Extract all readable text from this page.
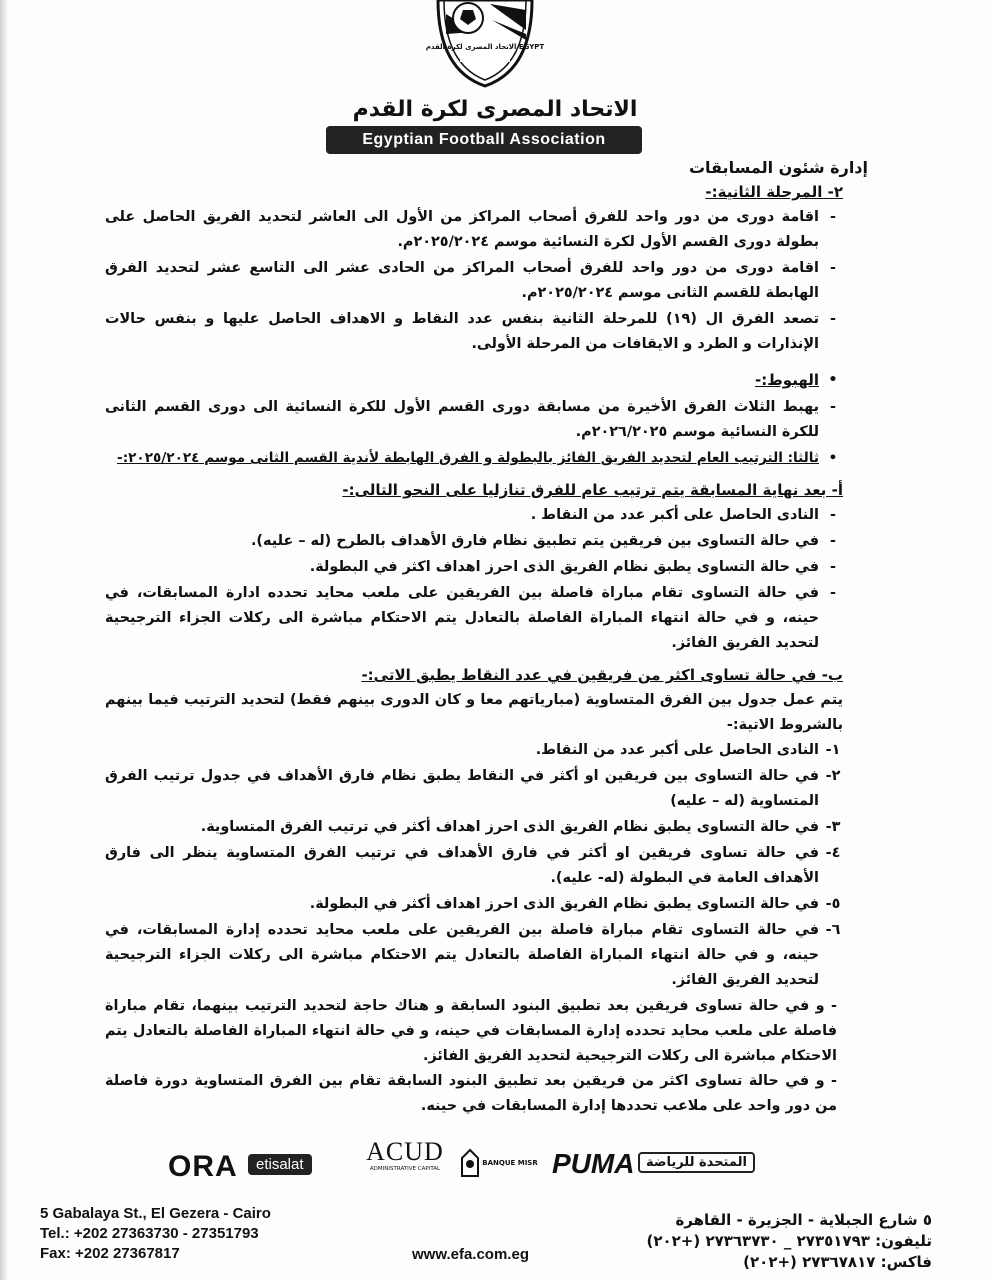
الاتحاد المصرى لكرة القدم EGYPT
الاتحاد المصرى لكرة القدم
Egyptian Football Association
إدارة شئون المسابقات

٢- المرحلة الثانية:-

-
اقامة دورى من دور واحد للفرق أصحاب المراكز من الأول الى العاشر لتحديد الفريق الحاصل على بطولة دورى القسم الأول لكرة النسائية موسم ٢٠٢٥/٢٠٢٤م.
-
اقامة دورى من دور واحد للفرق أصحاب المراكز من الحادى عشر الى التاسع عشر لتحديد الفرق الهابطة للقسم الثانى موسم ٢٠٢٥/٢٠٢٤م.
-
تصعد الفرق ال (١٩) للمرحلة الثانية بنفس عدد النقاط و الاهداف الحاصل عليها و بنفس حالات الإنذارات و الطرد و الايقافات من المرحلة الأولى.
•
الهبوط:-
-
يهبط الثلاث الفرق الأخيرة من مسابقة دورى القسم الأول للكرة النسائية الى دورى القسم الثانى للكرة النسائية موسم ٢٠٢٦/٢٠٢٥م.
•
ثالثا: الترتيب العام لتحديد الفريق الفائز بالبطولة و الفرق الهابطة لأندية القسم الثانى موسم ٢٠٢٥/٢٠٢٤:-

أ- بعد نهاية المسابقة يتم ترتيب عام للفرق تنازليا على النحو التالى:-

-
النادى الحاصل على أكبر عدد من النقاط .
-
في حالة التساوى بين فريقين يتم تطبيق نظام فارق الأهداف بالطرح (له – عليه).
-
في حالة التساوى يطبق نظام الفريق الذى احرز اهداف اكثر في البطولة.
-
في حالة التساوى تقام مباراة فاصلة بين الفريقين على ملعب محايد تحدده ادارة المسابقات، في حينه، و في حالة انتهاء المباراة الفاصلة بالتعادل يتم الاحتكام مباشرة الى ركلات الجزاء الترجيحية لتحديد الفريق الفائز.

ب- في حالة تساوى اكثر من فريقين في عدد النقاط يطبق الاتى:-

يتم عمل جدول بين الفرق المتساوية (مبارياتهم معا و كان الدورى بينهم فقط) لتحديد الترتيب فيما بينهم بالشروط الاتية:-

١-
النادى الحاصل على أكبر عدد من النقاط.
٢-
في حالة التساوى بين فريقين او أكثر في النقاط يطبق نظام فارق الأهداف في جدول ترتيب الفرق المتساوية (له – عليه)
٣-
في حالة التساوى يطبق نظام الفريق الذى احرز اهداف أكثر في ترتيب الفرق المتساوية.
٤-
في حالة تساوى فريقين او أكثر في فارق الأهداف في ترتيب الفرق المتساوية ينظر الى فارق الأهداف العامة في البطولة (له- عليه).
٥-
في حالة التساوى يطبق نظام الفريق الذى احرز اهداف أكثر في البطولة.
٦-
في حالة التساوى تقام مباراة فاصلة بين الفريقين على ملعب محايد تحدده إدارة المسابقات، في حينه، و في حالة انتهاء المباراة الفاصلة بالتعادل يتم الاحتكام مباشرة الى ركلات الجزاء الترجيحية لتحديد الفريق الفائز.

- و في حالة تساوى فريقين بعد تطبيق البنود السابقة و هناك حاجة لتحديد الترتيب بينهما، تقام مباراة فاصلة على ملعب محايد تحدده إدارة المسابقات في حينه، و في حالة انتهاء المباراة الفاصلة بالتعادل يتم الاحتكام مباشرة الى ركلات الترجيحية لتحديد الفريق الفائز.

- و في حالة تساوى اكثر من فريقين بعد تطبيق البنود السابقة تقام بين الفرق المتساوية دورة فاصلة من دور واحد على ملاعب تحددها إدارة المسابقات في حينه.

ORA	etisalat	ACUD
ADMINISTRATIVE CAPITAL
BANQUE MISR PUMA المتحدة للرياضة
5 Gabalaya St., El Gezera - Cairo
Tel.: +202 27363730 - 27351793
Fax: +202 27367817	www.efa.com.eg
٥ شارع الجبلاية - الجزيرة - القاهرة
تليفون: ٢٧٣٥١٧٩٣ _ ٢٧٣٦٣٧٣٠ (+٢٠٢)
فاكس: ٢٧٣٦٧٨١٧ (+٢٠٢)
